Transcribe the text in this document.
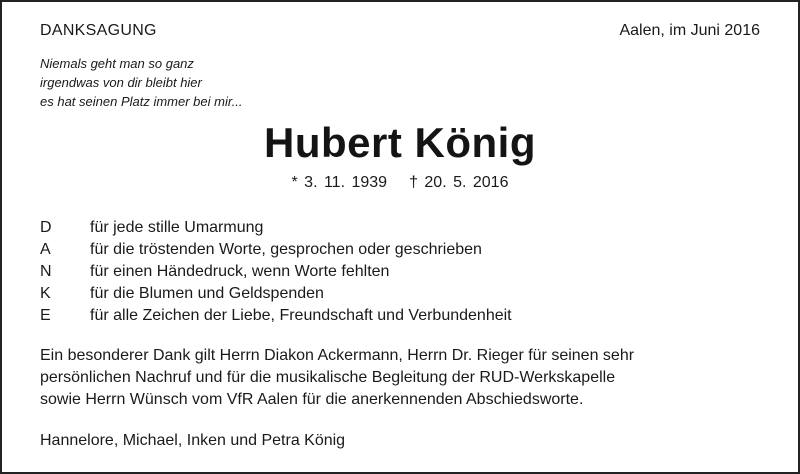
DANKSAGUNG	Aalen, im Juni 2016
Niemals geht man so ganz
irgendwas von dir bleibt hier
es hat seinen Platz immer bei mir...
Hubert König
* 3. 11. 1939 † 20. 5. 2016
D	für jede stille Umarmung
A	für die tröstenden Worte, gesprochen oder geschrieben
N	für einen Händedruck, wenn Worte fehlten
K	für die Blumen und Geldspenden
E	für alle Zeichen der Liebe, Freundschaft und Verbundenheit
Ein besonderer Dank gilt Herrn Diakon Ackermann, Herrn Dr. Rieger für seinen sehr
persönlichen Nachruf und für die musikalische Begleitung der RUD-Werkskapelle
sowie Herrn Wünsch vom VfR Aalen für die anerkennenden Abschiedsworte.
Hannelore, Michael, Inken und Petra König
